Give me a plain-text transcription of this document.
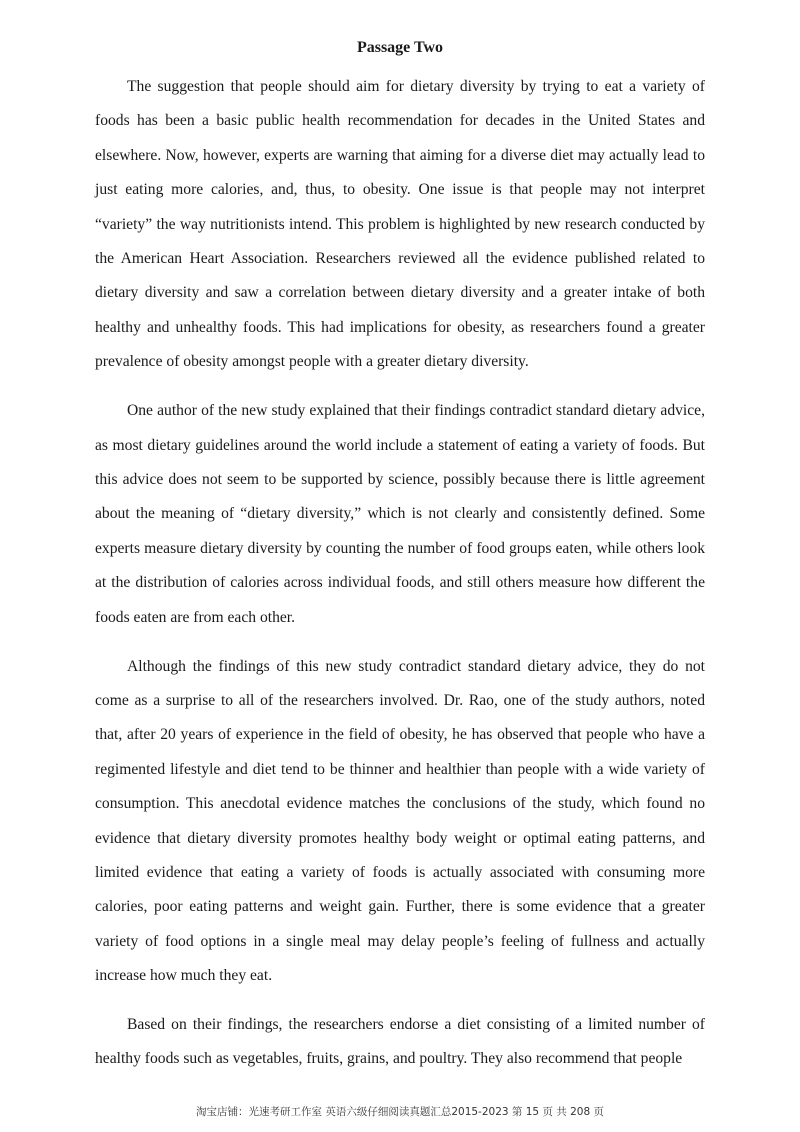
Passage Two

The suggestion that people should aim for dietary diversity by trying to eat a variety of foods has been a basic public health recommendation for decades in the United States and elsewhere. Now, however, experts are warning that aiming for a diverse diet may actually lead to just eating more calories, and, thus, to obesity. One issue is that people may not interpret “variety” the way nutritionists intend. This problem is highlighted by new research conducted by the American Heart Association. Researchers reviewed all the evidence published related to dietary diversity and saw a correlation between dietary diversity and a greater intake of both healthy and unhealthy foods. This had implications for obesity, as researchers found a greater prevalence of obesity amongst people with a greater dietary diversity.

One author of the new study explained that their findings contradict standard dietary advice, as most dietary guidelines around the world include a statement of eating a variety of foods. But this advice does not seem to be supported by science, possibly because there is little agreement about the meaning of “dietary diversity,” which is not clearly and consistently defined. Some experts measure dietary diversity by counting the number of food groups eaten, while others look at the distribution of calories across individual foods, and still others measure how different the foods eaten are from each other.

Although the findings of this new study contradict standard dietary advice, they do not come as a surprise to all of the researchers involved. Dr. Rao, one of the study authors, noted that, after 20 years of experience in the field of obesity, he has observed that people who have a regimented lifestyle and diet tend to be thinner and healthier than people with a wide variety of consumption. This anecdotal evidence matches the conclusions of the study, which found no evidence that dietary diversity promotes healthy body weight or optimal eating patterns, and limited evidence that eating a variety of foods is actually associated with consuming more calories, poor eating patterns and weight gain. Further, there is some evidence that a greater variety of food options in a single meal may delay people’s feeling of fullness and actually increase how much they eat.

Based on their findings, the researchers endorse a diet consisting of a limited number of healthy foods such as vegetables, fruits, grains, and poultry. They also recommend that people

淘宝店铺：光速考研工作室 英语六级仔细阅读真题汇总2015-2023 第 15 页 共 208 页
